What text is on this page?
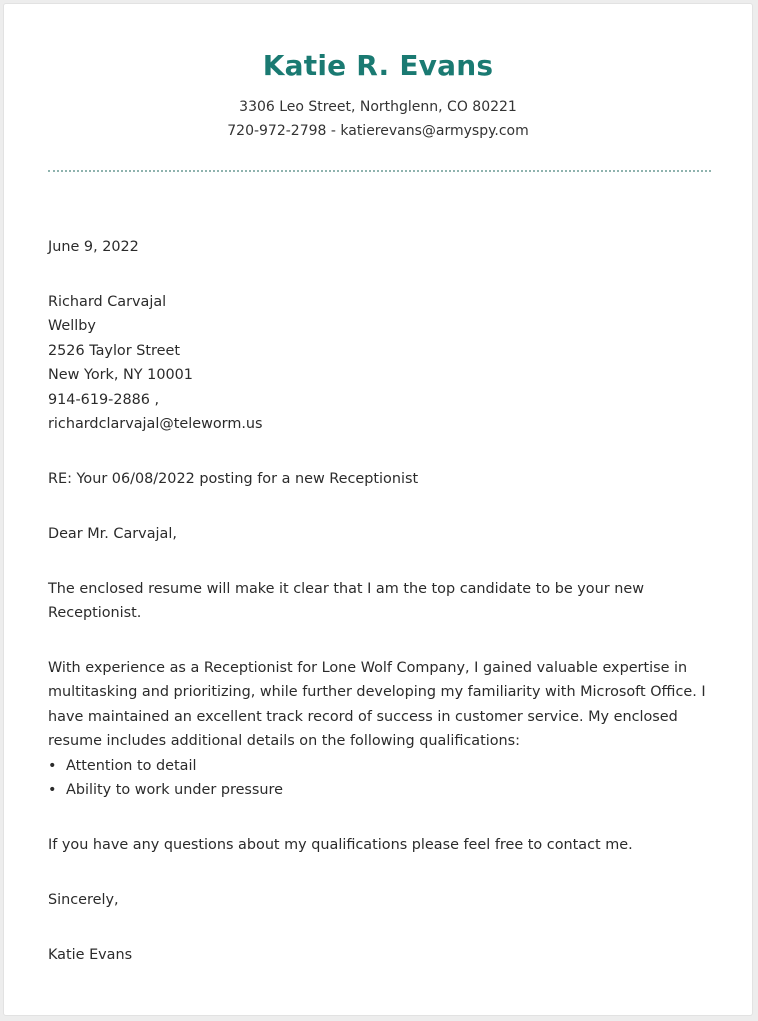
Katie R. Evans
3306 Leo Street, Northglenn, CO 80221
720-972-2798 - katierevans@armyspy.com

June 9, 2022

Richard Carvajal

Wellby

2526 Taylor Street

New York, NY 10001

914-619-2886 ,

richardclarvajal@teleworm.us

RE: Your 06/08/2022 posting for a new Receptionist

Dear Mr. Carvajal,

The enclosed resume will make it clear that I am the top candidate to be your new Receptionist.

With experience as a Receptionist for Lone Wolf Company, I gained valuable expertise in multitasking and prioritizing, while further developing my familiarity with Microsoft Office. I have maintained an excellent track record of success in customer service. My enclosed resume includes additional details on the following qualifications:

• Attention to detail
• Ability to work under pressure

If you have any questions about my qualifications please feel free to contact me.

Sincerely,

Katie Evans
